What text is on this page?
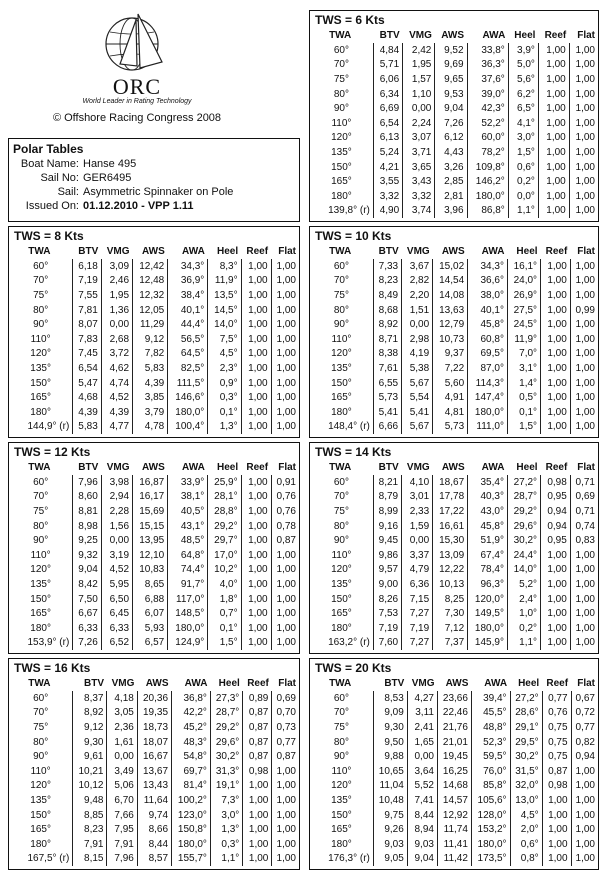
ORC
World Leader in Rating Technology
© Offshore Racing Congress 2008
Polar Tables
Boat Name: Hanse 495
Sail No: GER6495
Sail: Asymmetric Spinnaker on Pole
Issued On: 01.12.2010 - VPP 1.11
TWS = 6 Kts
TWA	BTV	VMG	AWS	AWA	Heel	Reef	Flat
60°	4,84	2,42	9,52	33,8°	3,9°	1,00	1,00
70°	5,71	1,95	9,69	36,3°	5,0°	1,00	1,00
75°	6,06	1,57	9,65	37,6°	5,6°	1,00	1,00
80°	6,34	1,10	9,53	39,0°	6,2°	1,00	1,00
90°	6,69	0,00	9,04	42,3°	6,5°	1,00	1,00
110°	6,54	2,24	7,26	52,2°	4,1°	1,00	1,00
120°	6,13	3,07	6,12	60,0°	3,0°	1,00	1,00
135°	5,24	3,71	4,43	78,2°	1,5°	1,00	1,00
150°	4,21	3,65	3,26	109,8°	0,6°	1,00	1,00
165°	3,55	3,43	2,85	146,2°	0,2°	1,00	1,00
180°	3,32	3,32	2,81	180,0°	0,0°	1,00	1,00
139,8° (r)	4,90	3,74	3,96	86,8°	1,1°	1,00	1,00
TWS = 8 Kts
TWA	BTV	VMG	AWS	AWA	Heel	Reef	Flat
60°	6,18	3,09	12,42	34,3°	8,3°	1,00	1,00
70°	7,19	2,46	12,48	36,9°	11,9°	1,00	1,00
75°	7,55	1,95	12,32	38,4°	13,5°	1,00	1,00
80°	7,81	1,36	12,05	40,1°	14,5°	1,00	1,00
90°	8,07	0,00	11,29	44,4°	14,0°	1,00	1,00
110°	7,83	2,68	9,12	56,5°	7,5°	1,00	1,00
120°	7,45	3,72	7,82	64,5°	4,5°	1,00	1,00
135°	6,54	4,62	5,83	82,5°	2,3°	1,00	1,00
150°	5,47	4,74	4,39	111,5°	0,9°	1,00	1,00
165°	4,68	4,52	3,85	146,6°	0,3°	1,00	1,00
180°	4,39	4,39	3,79	180,0°	0,1°	1,00	1,00
144,9° (r)	5,83	4,77	4,78	100,4°	1,3°	1,00	1,00
TWS = 10 Kts
TWA	BTV	VMG	AWS	AWA	Heel	Reef	Flat
60°	7,33	3,67	15,02	34,3°	16,1°	1,00	1,00
70°	8,23	2,82	14,54	36,6°	24,0°	1,00	1,00
75°	8,49	2,20	14,08	38,0°	26,9°	1,00	1,00
80°	8,68	1,51	13,63	40,1°	27,5°	1,00	0,99
90°	8,92	0,00	12,79	45,8°	24,5°	1,00	1,00
110°	8,71	2,98	10,73	60,8°	11,9°	1,00	1,00
120°	8,38	4,19	9,37	69,5°	7,0°	1,00	1,00
135°	7,61	5,38	7,22	87,0°	3,1°	1,00	1,00
150°	6,55	5,67	5,60	114,3°	1,4°	1,00	1,00
165°	5,73	5,54	4,91	147,4°	0,5°	1,00	1,00
180°	5,41	5,41	4,81	180,0°	0,1°	1,00	1,00
148,4° (r)	6,66	5,67	5,73	111,0°	1,5°	1,00	1,00
TWS = 12 Kts
TWA	BTV	VMG	AWS	AWA	Heel	Reef	Flat
60°	7,96	3,98	16,87	33,9°	25,9°	1,00	0,91
70°	8,60	2,94	16,17	38,1°	28,1°	1,00	0,76
75°	8,81	2,28	15,69	40,5°	28,8°	1,00	0,76
80°	8,98	1,56	15,15	43,1°	29,2°	1,00	0,78
90°	9,25	0,00	13,95	48,5°	29,7°	1,00	0,87
110°	9,32	3,19	12,10	64,8°	17,0°	1,00	1,00
120°	9,04	4,52	10,83	74,4°	10,2°	1,00	1,00
135°	8,42	5,95	8,65	91,7°	4,0°	1,00	1,00
150°	7,50	6,50	6,88	117,0°	1,8°	1,00	1,00
165°	6,67	6,45	6,07	148,5°	0,7°	1,00	1,00
180°	6,33	6,33	5,93	180,0°	0,1°	1,00	1,00
153,9° (r)	7,26	6,52	6,57	124,9°	1,5°	1,00	1,00
TWS = 14 Kts
TWA	BTV	VMG	AWS	AWA	Heel	Reef	Flat
60°	8,21	4,10	18,67	35,4°	27,2°	0,98	0,71
70°	8,79	3,01	17,78	40,3°	28,7°	0,95	0,69
75°	8,99	2,33	17,22	43,0°	29,2°	0,94	0,71
80°	9,16	1,59	16,61	45,8°	29,6°	0,94	0,74
90°	9,45	0,00	15,30	51,9°	30,2°	0,95	0,83
110°	9,86	3,37	13,09	67,4°	24,4°	1,00	1,00
120°	9,57	4,79	12,22	78,4°	14,0°	1,00	1,00
135°	9,00	6,36	10,13	96,3°	5,2°	1,00	1,00
150°	8,26	7,15	8,25	120,0°	2,4°	1,00	1,00
165°	7,53	7,27	7,30	149,5°	1,0°	1,00	1,00
180°	7,19	7,19	7,12	180,0°	0,2°	1,00	1,00
163,2° (r)	7,60	7,27	7,37	145,9°	1,1°	1,00	1,00
TWS = 16 Kts
TWA	BTV	VMG	AWS	AWA	Heel	Reef	Flat
60°	8,37	4,18	20,36	36,8°	27,3°	0,89	0,69
70°	8,92	3,05	19,35	42,2°	28,7°	0,87	0,70
75°	9,12	2,36	18,73	45,2°	29,2°	0,87	0,73
80°	9,30	1,61	18,07	48,3°	29,6°	0,87	0,77
90°	9,61	0,00	16,67	54,8°	30,2°	0,87	0,87
110°	10,21	3,49	13,67	69,7°	31,3°	0,98	1,00
120°	10,12	5,06	13,43	81,4°	19,1°	1,00	1,00
135°	9,48	6,70	11,64	100,2°	7,3°	1,00	1,00
150°	8,85	7,66	9,74	123,0°	3,0°	1,00	1,00
165°	8,23	7,95	8,66	150,8°	1,3°	1,00	1,00
180°	7,91	7,91	8,44	180,0°	0,3°	1,00	1,00
167,5° (r)	8,15	7,96	8,57	155,7°	1,1°	1,00	1,00
TWS = 20 Kts
TWA	BTV	VMG	AWS	AWA	Heel	Reef	Flat
60°	8,53	4,27	23,66	39,4°	27,2°	0,77	0,67
70°	9,09	3,11	22,46	45,5°	28,6°	0,76	0,72
75°	9,30	2,41	21,76	48,8°	29,1°	0,75	0,77
80°	9,50	1,65	21,01	52,3°	29,5°	0,75	0,82
90°	9,88	0,00	19,45	59,5°	30,2°	0,75	0,94
110°	10,65	3,64	16,25	76,0°	31,5°	0,87	1,00
120°	11,04	5,52	14,68	85,8°	32,0°	0,98	1,00
135°	10,48	7,41	14,57	105,6°	13,0°	1,00	1,00
150°	9,75	8,44	12,92	128,0°	4,5°	1,00	1,00
165°	9,26	8,94	11,74	153,2°	2,0°	1,00	1,00
180°	9,03	9,03	11,41	180,0°	0,6°	1,00	1,00
176,3° (r)	9,05	9,04	11,42	173,5°	0,8°	1,00	1,00
